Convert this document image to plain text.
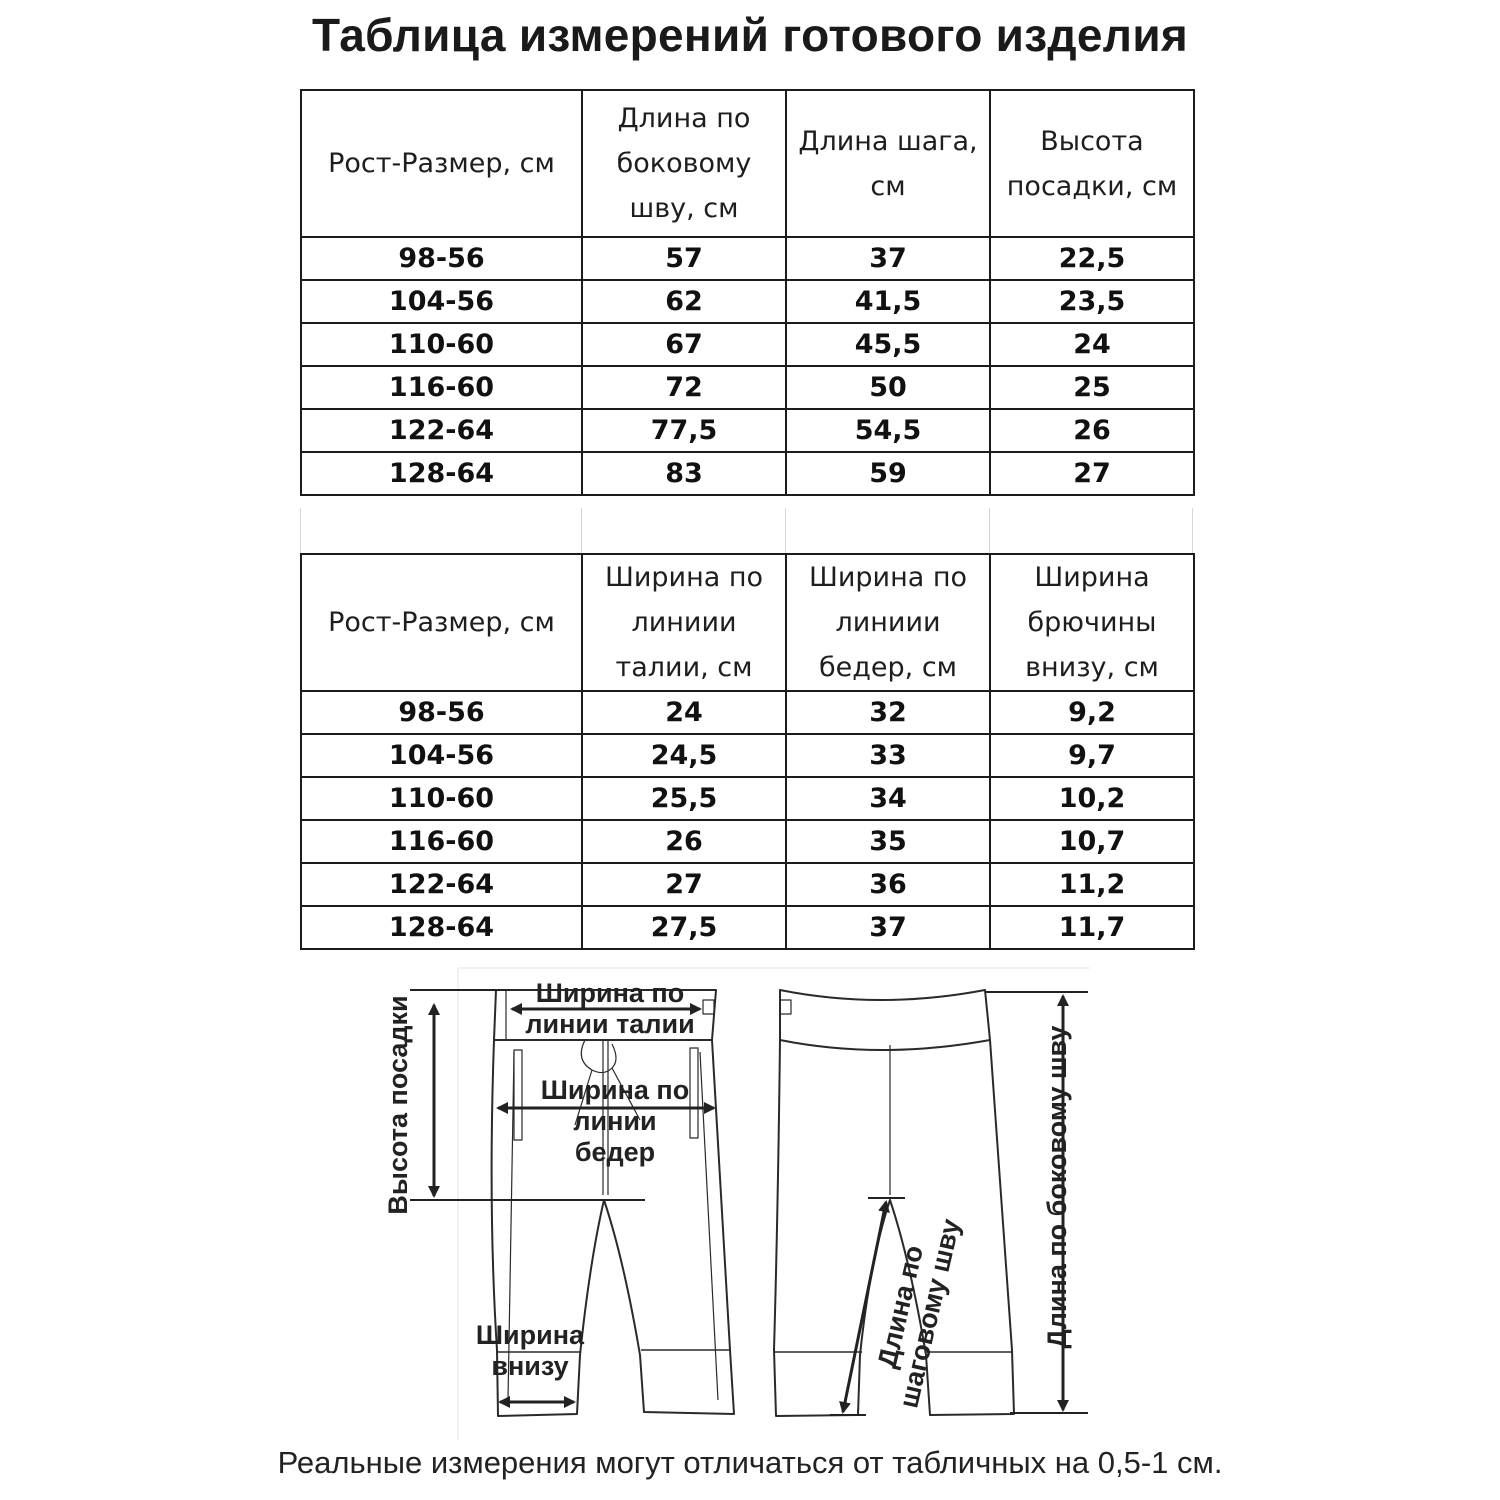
Таблица измерений готового изделия
Рост-Размер, см	Длина по боковому шву, см	Длина шага, см	Высота посадки, см
98-56	57	37	22,5
104-56	62	41,5	23,5
110-60	67	45,5	24
116-60	72	50	25
122-64	77,5	54,5	26
128-64	83	59	27
Рост-Размер, см	Ширина по линиии талии, см	Ширина по линиии бедер, см	Ширина брючины внизу, см
98-56	24	32	9,2
104-56	24,5	33	9,7
110-60	25,5	34	10,2
116-60	26	35	10,7
122-64	27	36	11,2
128-64	27,5	37	11,7
Ширина по линии талии
Ширина по линии бедер
Высота посадки
Ширина внизу	Длина по шаговому шву	Длина по боковому шву
Реальные измерения могут отличаться от табличных на 0,5-1 см.
